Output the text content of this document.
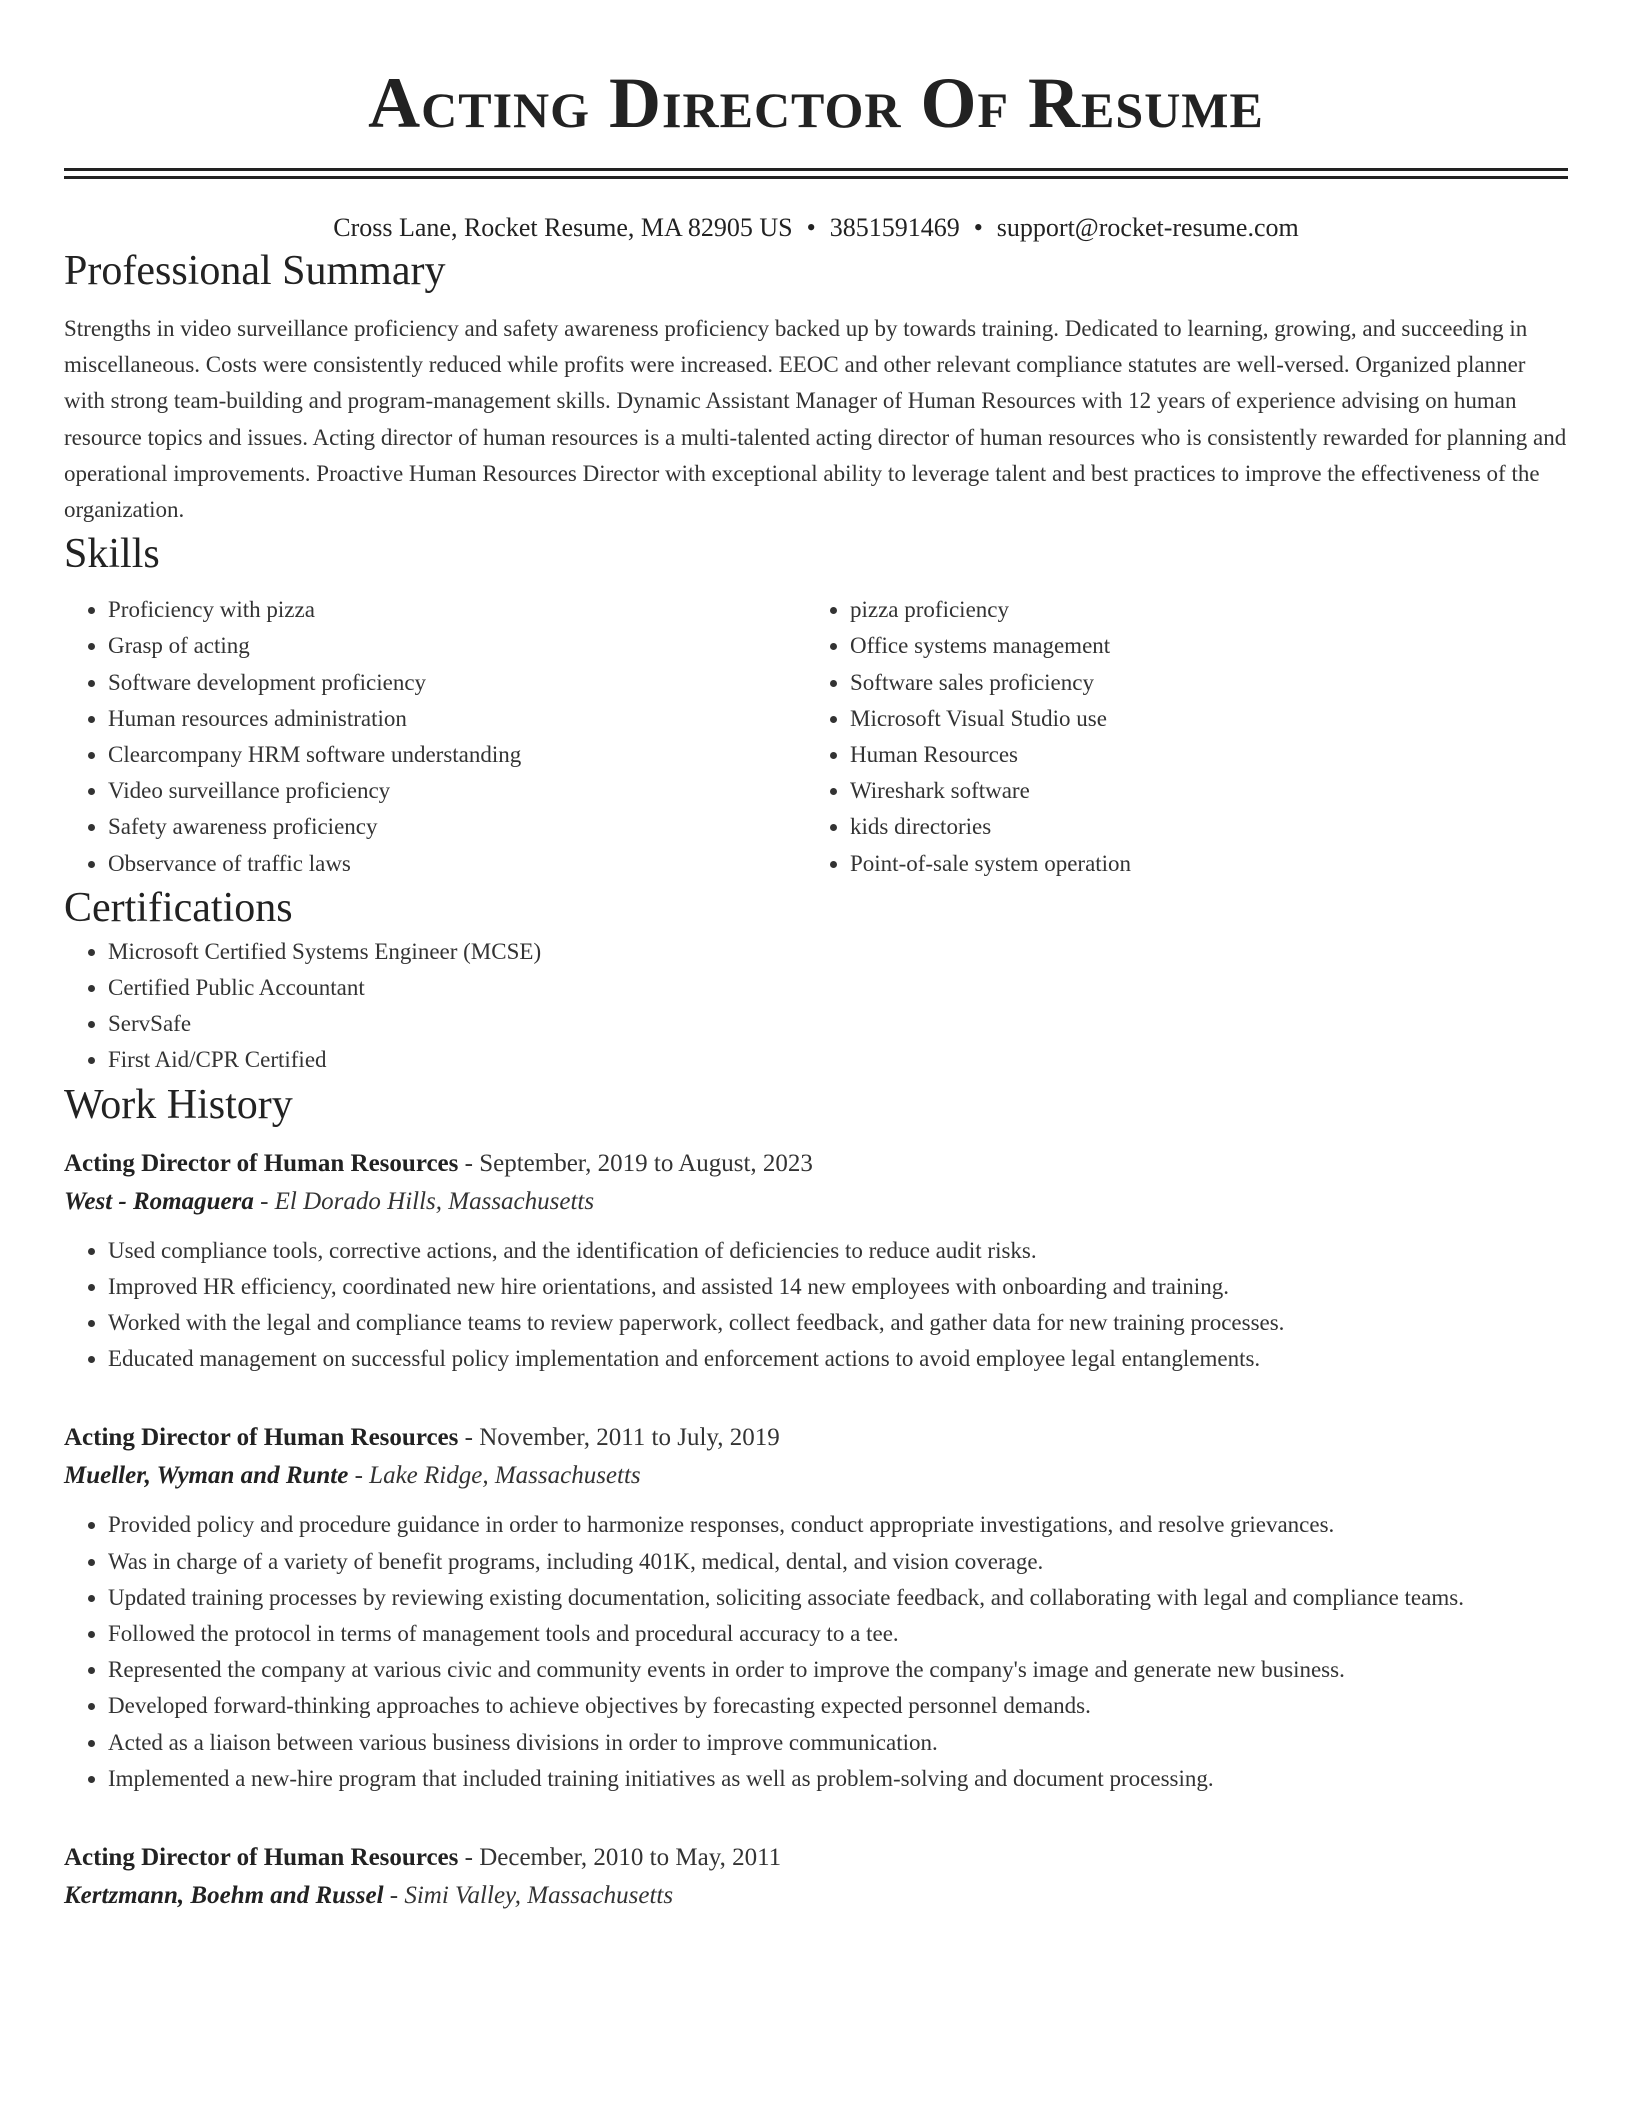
Acting Director Of Resume
Cross Lane, Rocket Resume, MA 82905 US • 3851591469 • support@rocket-resume.com
Professional Summary
Strengths in video surveillance proficiency and safety awareness proficiency backed up by towards training. Dedicated to learning, growing, and succeeding in miscellaneous. Costs were consistently reduced while profits were increased. EEOC and other relevant compliance statutes are well-versed. Organized planner with strong team-building and program-management skills. Dynamic Assistant Manager of Human Resources with 12 years of experience advising on human resource topics and issues. Acting director of human resources is a multi-talented acting director of human resources who is consistently rewarded for planning and operational improvements. Proactive Human Resources Director with exceptional ability to leverage talent and best practices to improve the effectiveness of the organization.
Skills
• Proficiency with pizza
• Grasp of acting
• Software development proficiency
• Human resources administration
• Clearcompany HRM software understanding
• Video surveillance proficiency
• Safety awareness proficiency
• Observance of traffic laws
• pizza proficiency
• Office systems management
• Software sales proficiency
• Microsoft Visual Studio use
• Human Resources
• Wireshark software
• kids directories
• Point-of-sale system operation
Certifications
• Microsoft Certified Systems Engineer (MCSE)
• Certified Public Accountant
• ServSafe
• First Aid/CPR Certified
Work History
Acting Director of Human Resources - September, 2019 to August, 2023
West - Romaguera - El Dorado Hills, Massachusetts
• Used compliance tools, corrective actions, and the identification of deficiencies to reduce audit risks.
• Improved HR efficiency, coordinated new hire orientations, and assisted 14 new employees with onboarding and training.
• Worked with the legal and compliance teams to review paperwork, collect feedback, and gather data for new training processes.
• Educated management on successful policy implementation and enforcement actions to avoid employee legal entanglements.
Acting Director of Human Resources - November, 2011 to July, 2019
Mueller, Wyman and Runte - Lake Ridge, Massachusetts
• Provided policy and procedure guidance in order to harmonize responses, conduct appropriate investigations, and resolve grievances.
• Was in charge of a variety of benefit programs, including 401K, medical, dental, and vision coverage.
• Updated training processes by reviewing existing documentation, soliciting associate feedback, and collaborating with legal and compliance teams.
• Followed the protocol in terms of management tools and procedural accuracy to a tee.
• Represented the company at various civic and community events in order to improve the company's image and generate new business.
• Developed forward-thinking approaches to achieve objectives by forecasting expected personnel demands.
• Acted as a liaison between various business divisions in order to improve communication.
• Implemented a new-hire program that included training initiatives as well as problem-solving and document processing.
Acting Director of Human Resources - December, 2010 to May, 2011
Kertzmann, Boehm and Russel - Simi Valley, Massachusetts
